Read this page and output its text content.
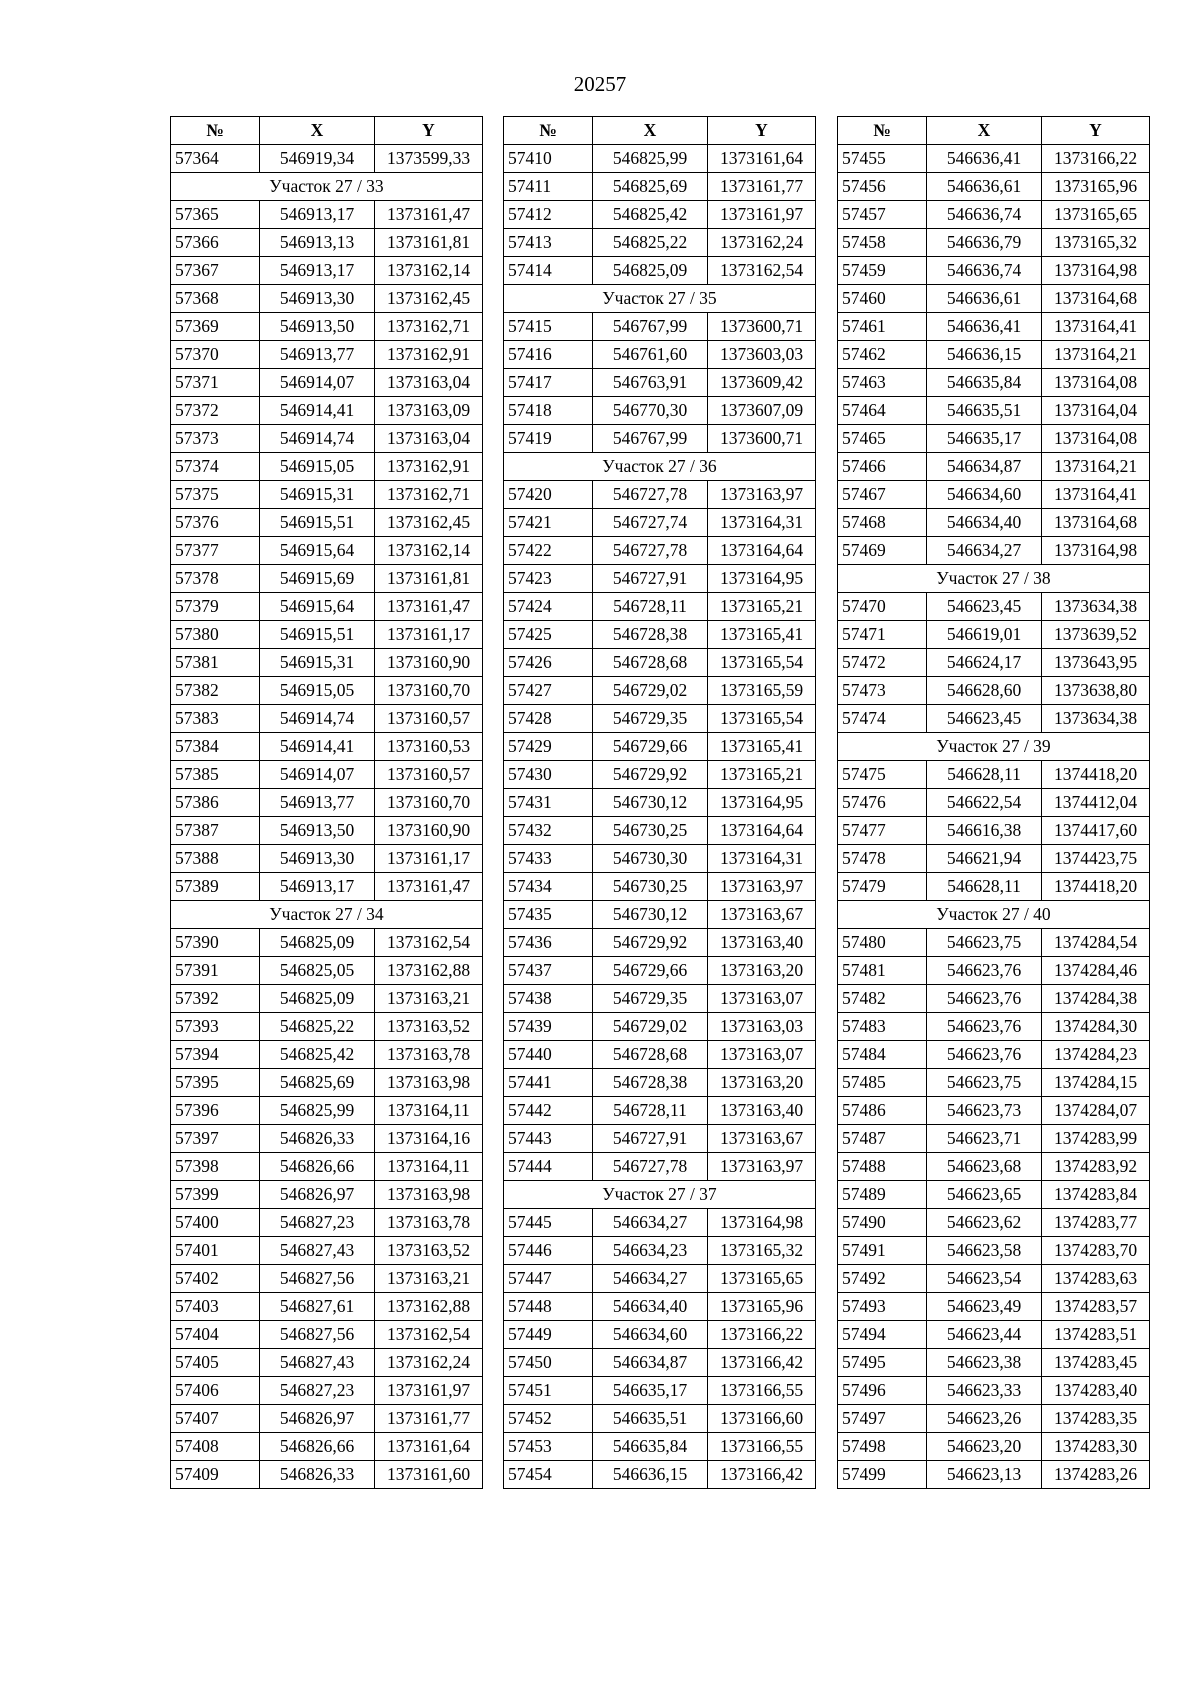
20257
№	X	Y
57364	546919,34	1373599,33
Участок 27 / 33		
57365	546913,17	1373161,47
57366	546913,13	1373161,81
57367	546913,17	1373162,14
57368	546913,30	1373162,45
57369	546913,50	1373162,71
57370	546913,77	1373162,91
57371	546914,07	1373163,04
57372	546914,41	1373163,09
57373	546914,74	1373163,04
57374	546915,05	1373162,91
57375	546915,31	1373162,71
57376	546915,51	1373162,45
57377	546915,64	1373162,14
57378	546915,69	1373161,81
57379	546915,64	1373161,47
57380	546915,51	1373161,17
57381	546915,31	1373160,90
57382	546915,05	1373160,70
57383	546914,74	1373160,57
57384	546914,41	1373160,53
57385	546914,07	1373160,57
57386	546913,77	1373160,70
57387	546913,50	1373160,90
57388	546913,30	1373161,17
57389	546913,17	1373161,47
Участок 27 / 34		
57390	546825,09	1373162,54
57391	546825,05	1373162,88
57392	546825,09	1373163,21
57393	546825,22	1373163,52
57394	546825,42	1373163,78
57395	546825,69	1373163,98
57396	546825,99	1373164,11
57397	546826,33	1373164,16
57398	546826,66	1373164,11
57399	546826,97	1373163,98
57400	546827,23	1373163,78
57401	546827,43	1373163,52
57402	546827,56	1373163,21
57403	546827,61	1373162,88
57404	546827,56	1373162,54
57405	546827,43	1373162,24
57406	546827,23	1373161,97
57407	546826,97	1373161,77
57408	546826,66	1373161,64
57409	546826,33	1373161,60
№	X	Y
57410	546825,99	1373161,64
57411	546825,69	1373161,77
57412	546825,42	1373161,97
57413	546825,22	1373162,24
57414	546825,09	1373162,54
Участок 27 / 35		
57415	546767,99	1373600,71
57416	546761,60	1373603,03
57417	546763,91	1373609,42
57418	546770,30	1373607,09
57419	546767,99	1373600,71
Участок 27 / 36		
57420	546727,78	1373163,97
57421	546727,74	1373164,31
57422	546727,78	1373164,64
57423	546727,91	1373164,95
57424	546728,11	1373165,21
57425	546728,38	1373165,41
57426	546728,68	1373165,54
57427	546729,02	1373165,59
57428	546729,35	1373165,54
57429	546729,66	1373165,41
57430	546729,92	1373165,21
57431	546730,12	1373164,95
57432	546730,25	1373164,64
57433	546730,30	1373164,31
57434	546730,25	1373163,97
57435	546730,12	1373163,67
57436	546729,92	1373163,40
57437	546729,66	1373163,20
57438	546729,35	1373163,07
57439	546729,02	1373163,03
57440	546728,68	1373163,07
57441	546728,38	1373163,20
57442	546728,11	1373163,40
57443	546727,91	1373163,67
57444	546727,78	1373163,97
Участок 27 / 37		
57445	546634,27	1373164,98
57446	546634,23	1373165,32
57447	546634,27	1373165,65
57448	546634,40	1373165,96
57449	546634,60	1373166,22
57450	546634,87	1373166,42
57451	546635,17	1373166,55
57452	546635,51	1373166,60
57453	546635,84	1373166,55
57454	546636,15	1373166,42
№	X	Y
57455	546636,41	1373166,22
57456	546636,61	1373165,96
57457	546636,74	1373165,65
57458	546636,79	1373165,32
57459	546636,74	1373164,98
57460	546636,61	1373164,68
57461	546636,41	1373164,41
57462	546636,15	1373164,21
57463	546635,84	1373164,08
57464	546635,51	1373164,04
57465	546635,17	1373164,08
57466	546634,87	1373164,21
57467	546634,60	1373164,41
57468	546634,40	1373164,68
57469	546634,27	1373164,98
Участок 27 / 38		
57470	546623,45	1373634,38
57471	546619,01	1373639,52
57472	546624,17	1373643,95
57473	546628,60	1373638,80
57474	546623,45	1373634,38
Участок 27 / 39		
57475	546628,11	1374418,20
57476	546622,54	1374412,04
57477	546616,38	1374417,60
57478	546621,94	1374423,75
57479	546628,11	1374418,20
Участок 27 / 40		
57480	546623,75	1374284,54
57481	546623,76	1374284,46
57482	546623,76	1374284,38
57483	546623,76	1374284,30
57484	546623,76	1374284,23
57485	546623,75	1374284,15
57486	546623,73	1374284,07
57487	546623,71	1374283,99
57488	546623,68	1374283,92
57489	546623,65	1374283,84
57490	546623,62	1374283,77
57491	546623,58	1374283,70
57492	546623,54	1374283,63
57493	546623,49	1374283,57
57494	546623,44	1374283,51
57495	546623,38	1374283,45
57496	546623,33	1374283,40
57497	546623,26	1374283,35
57498	546623,20	1374283,30
57499	546623,13	1374283,26
